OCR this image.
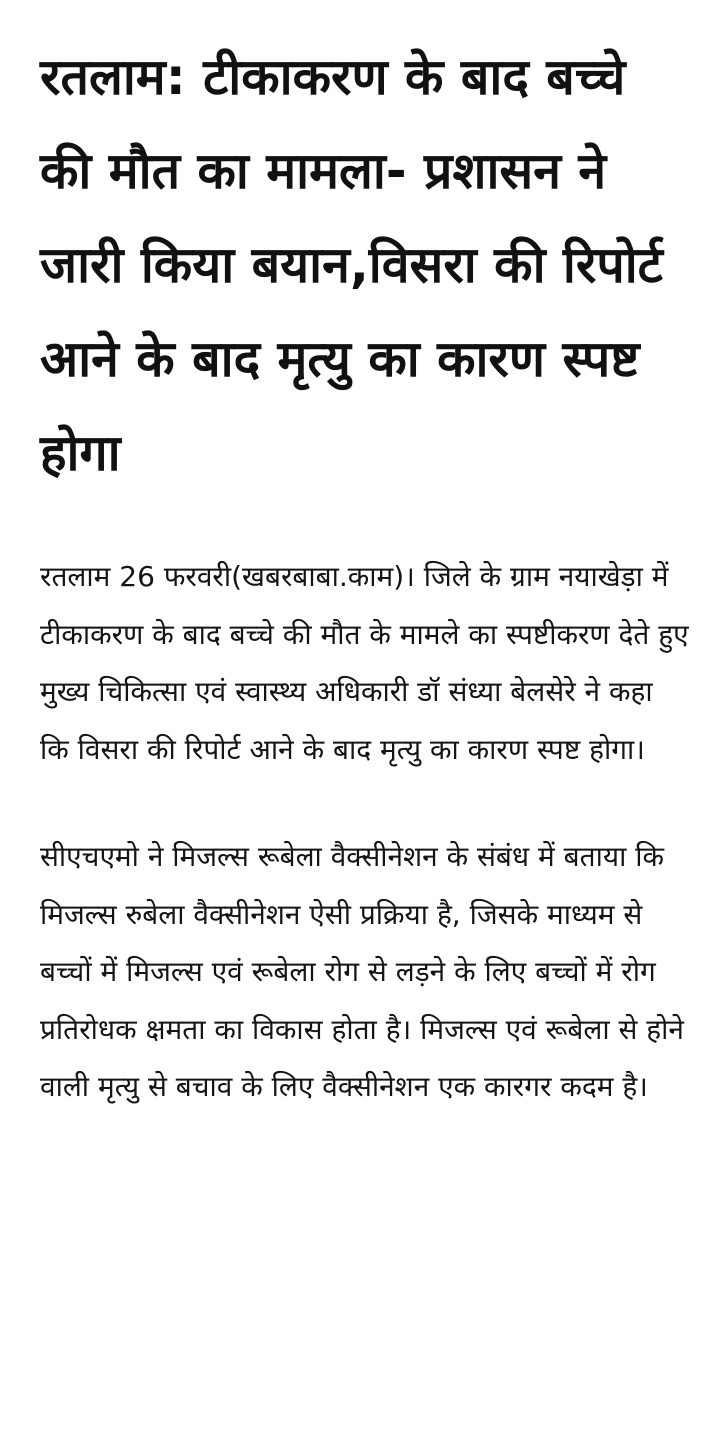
रतलाम: टीकाकरण के बाद बच्चे की मौत का मामला- प्रशासन ने जारी किया बयान,विसरा की रिपोर्ट आने के बाद मृत्यु का कारण स्पष्ट होगा

रतलाम 26 फरवरी(खबरबाबा.काम)। जिले के ग्राम नयाखेड़ा में टीकाकरण के बाद बच्चे की मौत के मामले का स्पष्टीकरण देते हुए मुख्य चिकित्सा एवं स्वास्थ्य अधिकारी डॉ संध्या बेलसेरे ने कहा कि विसरा की रिपोर्ट आने के बाद मृत्यु का कारण स्पष्ट होगा।

सीएचएमो ने मिजल्स रूबेला वैक्सीनेशन के संबंध में बताया कि मिजल्स रुबेला वैक्सीनेशन ऐसी प्रक्रिया है, जिसके माध्यम से बच्चों में मिजल्स एवं रूबेला रोग से लड़ने के लिए बच्चों में रोग प्रतिरोधक क्षमता का विकास होता है। मिजल्स एवं रूबेला से होने वाली मृत्यु से बचाव के लिए वैक्सीनेशन एक कारगर कदम है।
